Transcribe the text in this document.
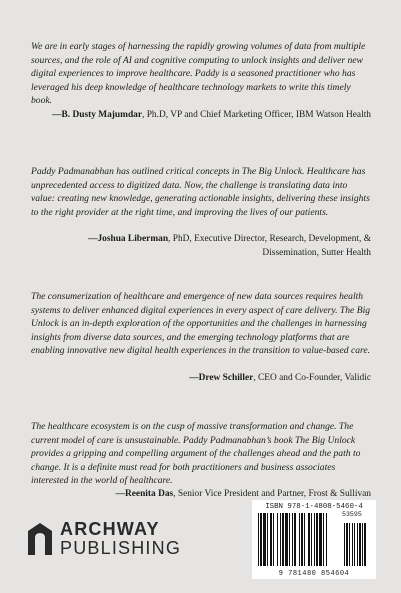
We are in early stages of harnessing the rapidly growing volumes of data from multiple sources, and the role of AI and cognitive computing to unlock insights and deliver new digital experiences to improve healthcare. Paddy is a seasoned practitioner who has leveraged his deep knowledge of healthcare technology markets to write this timely book.

—B. Dusty Majumdar, Ph.D, VP and Chief Marketing Officer, IBM Watson Health

Paddy Padmanabhan has outlined critical concepts in The Big Unlock. Healthcare has unprecedented access to digitized data. Now, the challenge is translating data into value: creating new knowledge, generating actionable insights, delivering these insights to the right provider at the right time, and improving the lives of our patients.

—Joshua Liberman, PhD, Executive Director, Research, Development, & Dissemination, Sutter Health

The consumerization of healthcare and emergence of new data sources requires health systems to deliver enhanced digital experiences in every aspect of care delivery. The Big Unlock is an in-depth exploration of the opportunities and the challenges in harnessing insights from diverse data sources, and the emerging technology platforms that are enabling innovative new digital health experiences in the transition to value-based care.

—Drew Schiller, CEO and Co-Founder, Validic

The healthcare ecosystem is on the cusp of massive transformation and change. The current model of care is unsustainable. Paddy Padmanabhan’s book The Big Unlock provides a gripping and compelling argument of the challenges ahead and the path to change. It is a definite must read for both practitioners and business associates interested in the world of healthcare.

—Reenita Das, Senior Vice President and Partner, Frost & Sullivan

ARCHWAY
PUBLISHING
ISBN 978-1-4808-5460-4
53595
9 781480 854604
